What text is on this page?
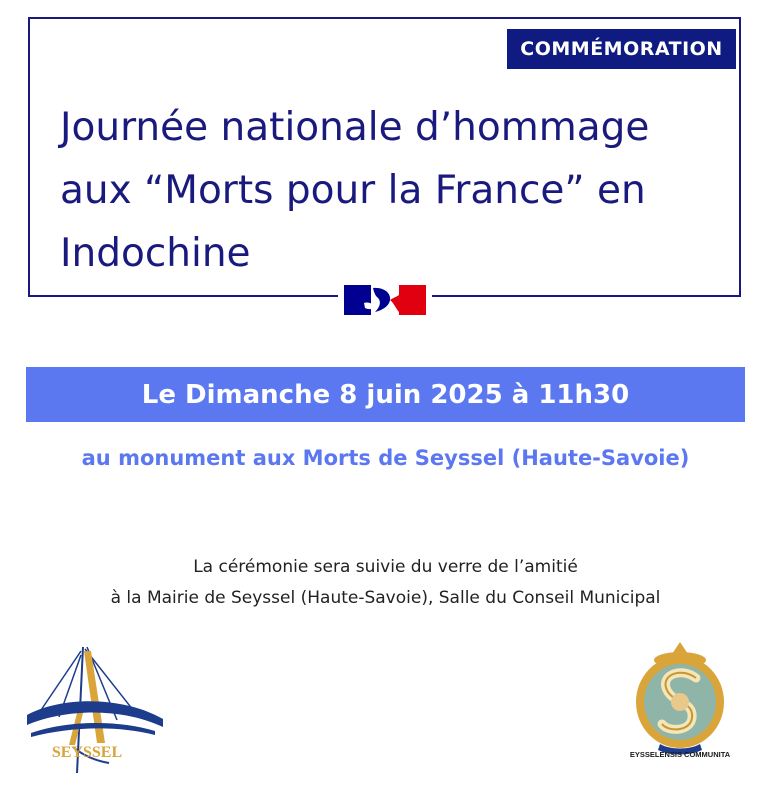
COMMÉMORATION
Journée nationale d’hommage
aux “Morts pour la France” en
Indochine
Le Dimanche 8 juin 2025 à 11h30
au monument aux Morts de Seyssel (Haute-Savoie)
La cérémonie sera suivie du verre de l’amitié
à la Mairie de Seyssel (Haute-Savoie), Salle du Conseil Municipal
SEYSSEL	SEYSSELENSIS COMMUNITAS
